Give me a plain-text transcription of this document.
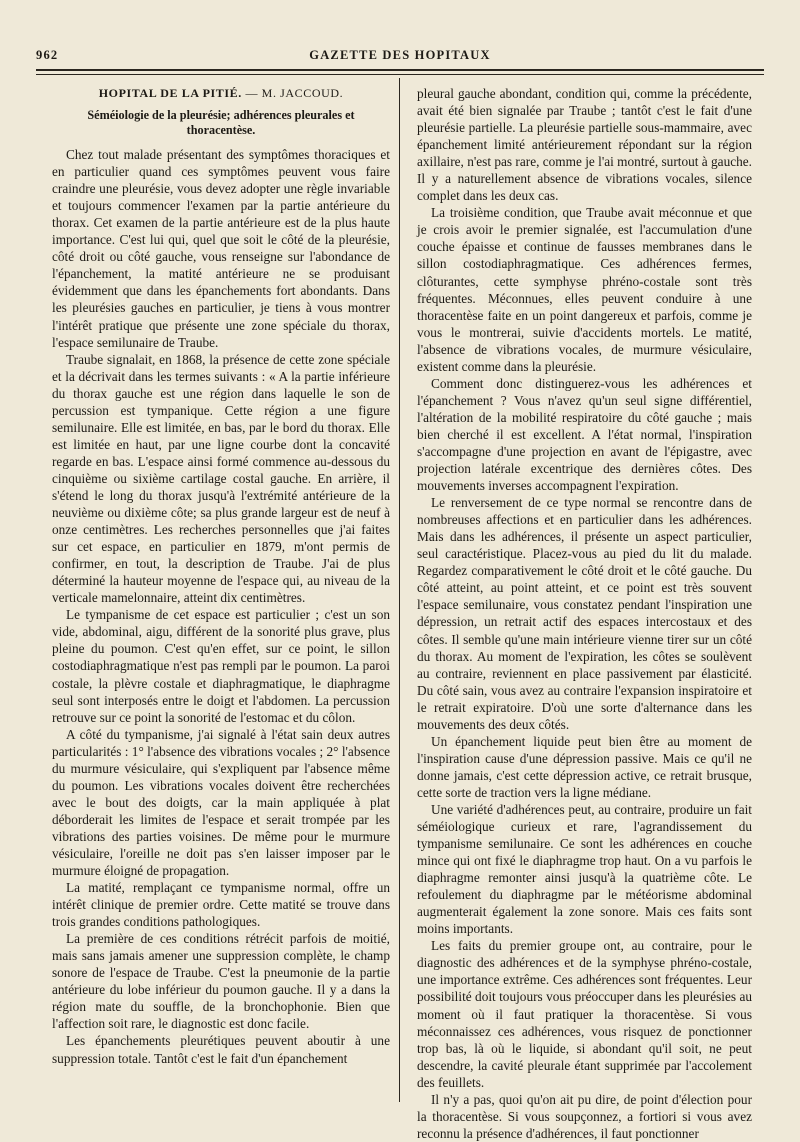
962	GAZETTE DES HOPITAUX
HOPITAL DE LA PITIÉ. — M. JACCOUD.
Séméiologie de la pleurésie; adhérences pleurales et thoracentèse.

Chez tout malade présentant des symptômes thoraciques et en particulier quand ces symptômes peuvent vous faire craindre une pleurésie, vous devez adopter une règle invariable et toujours commencer l'examen par la partie antérieure du thorax. Cet examen de la partie antérieure est de la plus haute importance. C'est lui qui, quel que soit le côté de la pleurésie, côté droit ou côté gauche, vous renseigne sur l'abondance de l'épanchement, la matité antérieure ne se produisant évidemment que dans les épanchements fort abondants. Dans les pleurésies gauches en particulier, je tiens à vous montrer l'intérêt pratique que présente une zone spéciale du thorax, l'espace semilunaire de Traube.

Traube signalait, en 1868, la présence de cette zone spéciale et la décrivait dans les termes suivants : « A la partie inférieure du thorax gauche est une région dans laquelle le son de percussion est tympanique. Cette région a une figure semilunaire. Elle est limitée, en bas, par le bord du thorax. Elle est limitée en haut, par une ligne courbe dont la concavité regarde en bas. L'espace ainsi formé commence au-dessous du cinquième ou sixième cartilage costal gauche. En arrière, il s'étend le long du thorax jusqu'à l'extrémité antérieure de la neuvième ou dixième côte; sa plus grande largeur est de neuf à onze centimètres. Les recherches personnelles que j'ai faites sur cet espace, en particulier en 1879, m'ont permis de confirmer, en tout, la description de Traube. J'ai de plus déterminé la hauteur moyenne de l'espace qui, au niveau de la verticale mamelonnaire, atteint dix centimètres.

Le tympanisme de cet espace est particulier ; c'est un son vide, abdominal, aigu, différent de la sonorité plus grave, plus pleine du poumon. C'est qu'en effet, sur ce point, le sillon costodiaphragmatique n'est pas rempli par le poumon. La paroi costale, la plèvre costale et diaphragmatique, le diaphragme seul sont interposés entre le doigt et l'abdomen. La percussion retrouve sur ce point la sonorité de l'estomac et du côlon.

A côté du tympanisme, j'ai signalé à l'état sain deux autres particularités : 1° l'absence des vibrations vocales ; 2° l'absence du murmure vésiculaire, qui s'expliquent par l'absence même du poumon. Les vibrations vocales doivent être recherchées avec le bout des doigts, car la main appliquée à plat déborderait les limites de l'espace et serait trompée par les vibrations des parties voisines. De même pour le murmure vésiculaire, l'oreille ne doit pas s'en laisser imposer par le murmure éloigné de propagation.

La matité, remplaçant ce tympanisme normal, offre un intérêt clinique de premier ordre. Cette matité se trouve dans trois grandes conditions pathologiques.

La première de ces conditions rétrécit parfois de moitié, mais sans jamais amener une suppression complète, le champ sonore de l'espace de Traube. C'est la pneumonie de la partie antérieure du lobe inférieur du poumon gauche. Il y a dans la région mate du souffle, de la bronchophonie. Bien que l'affection soit rare, le diagnostic est donc facile.

Les épanchements pleurétiques peuvent aboutir à une suppression totale. Tantôt c'est le fait d'un épanchement

pleural gauche abondant, condition qui, comme la précédente, avait été bien signalée par Traube ; tantôt c'est le fait d'une pleurésie partielle. La pleurésie partielle sous-mammaire, avec épanchement limité antérieurement répondant sur la région axillaire, n'est pas rare, comme je l'ai montré, surtout à gauche. Il y a naturellement absence de vibrations vocales, silence complet dans les deux cas.

La troisième condition, que Traube avait méconnue et que je crois avoir le premier signalée, est l'accumulation d'une couche épaisse et continue de fausses membranes dans le sillon costodiaphragmatique. Ces adhérences fermes, clôturantes, cette symphyse phréno-costale sont très fréquentes. Méconnues, elles peuvent conduire à une thoracentèse faite en un point dangereux et parfois, comme je vous le montrerai, suivie d'accidents mortels. Le matité, l'absence de vibrations vocales, de murmure vésiculaire, existent comme dans la pleurésie.

Comment donc distinguerez-vous les adhérences et l'épanchement ? Vous n'avez qu'un seul signe différentiel, l'altération de la mobilité respiratoire du côté gauche ; mais bien cherché il est excellent. A l'état normal, l'inspiration s'accompagne d'une projection en avant de l'épigastre, avec projection latérale excentrique des dernières côtes. Des mouvements inverses accompagnent l'expiration.

Le renversement de ce type normal se rencontre dans de nombreuses affections et en particulier dans les adhérences. Mais dans les adhérences, il présente un aspect particulier, seul caractéristique. Placez-vous au pied du lit du malade. Regardez comparativement le côté droit et le côté gauche. Du côté atteint, au point atteint, et ce point est très souvent l'espace semilunaire, vous constatez pendant l'inspiration une dépression, un retrait actif des espaces intercostaux et des côtes. Il semble qu'une main intérieure vienne tirer sur un côté du thorax. Au moment de l'expiration, les côtes se soulèvent au contraire, reviennent en place passivement par élasticité. Du côté sain, vous avez au contraire l'expansion inspiratoire et le retrait expiratoire. D'où une sorte d'alternance dans les mouvements des deux côtés.

Un épanchement liquide peut bien être au moment de l'inspiration cause d'une dépression passive. Mais ce qu'il ne donne jamais, c'est cette dépression active, ce retrait brusque, cette sorte de traction vers la ligne médiane.

Une variété d'adhérences peut, au contraire, produire un fait séméiologique curieux et rare, l'agrandissement du tympanisme semilunaire. Ce sont les adhérences en couche mince qui ont fixé le diaphragme trop haut. On a vu parfois le diaphragme remonter ainsi jusqu'à la quatrième côte. Le refoulement du diaphragme par le météorisme abdominal augmenterait également la zone sonore. Mais ces faits sont moins importants.

Les faits du premier groupe ont, au contraire, pour le diagnostic des adhérences et de la symphyse phréno-costale, une importance extrême. Ces adhérences sont fréquentes. Leur possibilité doit toujours vous préoccuper dans les pleurésies au moment où il faut pratiquer la thoracentèse. Si vous méconnaissez ces adhérences, vous risquez de ponctionner trop bas, là où le liquide, si abondant qu'il soit, ne peut descendre, la cavité pleurale étant supprimée par l'accolement des feuillets.

Il n'y a pas, quoi qu'on ait pu dire, de point d'élection pour la thoracentèse. Si vous soupçonnez, a fortiori si vous avez reconnu la présence d'adhérences, il faut ponctionner
